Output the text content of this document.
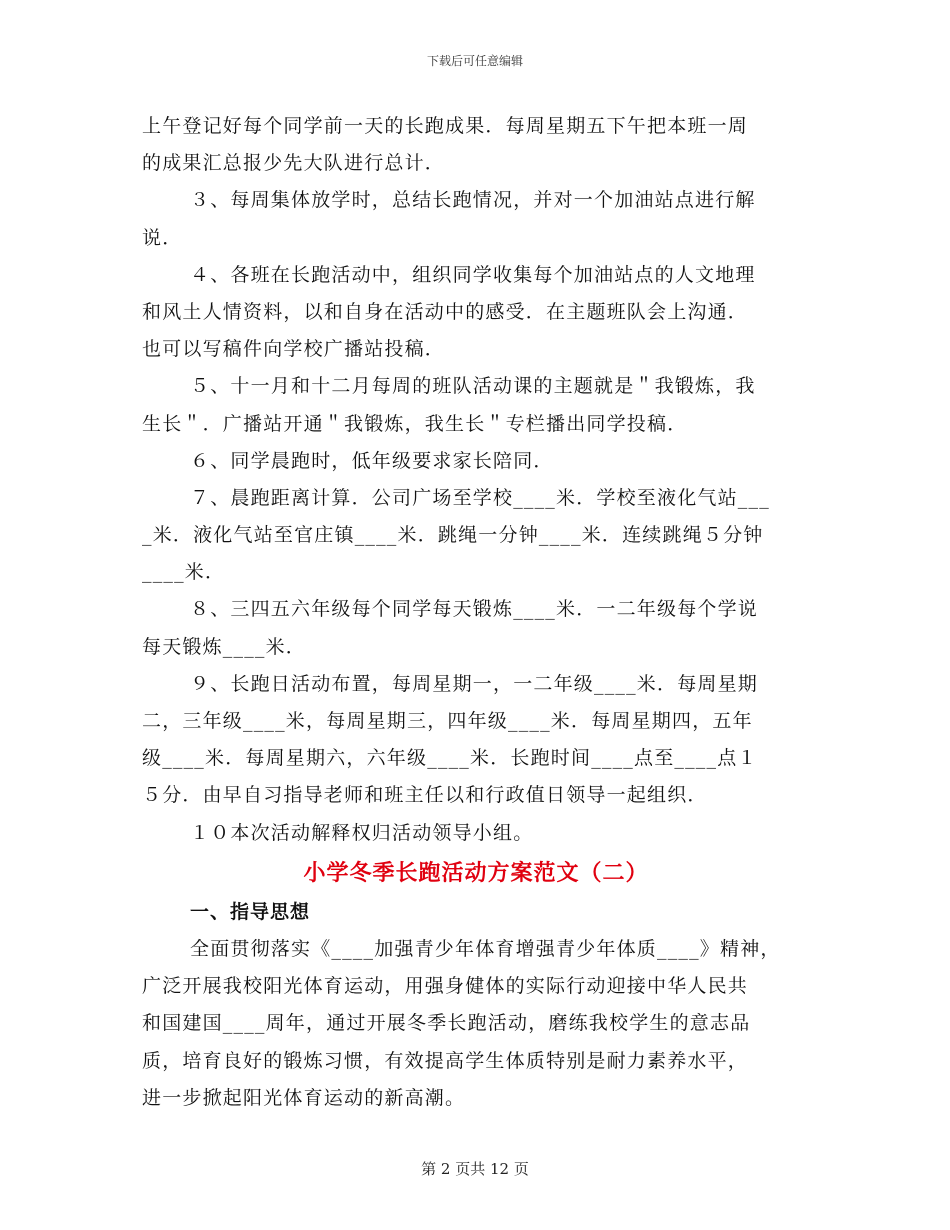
下载后可任意编辑
上午登记好每个同学前一天的长跑成果．每周星期五下午把本班一周
的成果汇总报少先大队进行总计．
３、每周集体放学时，总结长跑情况，并对一个加油站点进行解
说．
４、各班在长跑活动中，组织同学收集每个加油站点的人文地理
和风土人情资料，以和自身在活动中的感受．在主题班队会上沟通．
也可以写稿件向学校广播站投稿．
５、十一月和十二月每周的班队活动课的主题就是＂我锻炼，我
生长＂．广播站开通＂我锻炼，我生长＂专栏播出同学投稿．
６、同学晨跑时，低年级要求家长陪同．
７、晨跑距离计算．公司广场至学校____米．学校至液化气站___
_米．液化气站至官庄镇____米．跳绳一分钟____米．连续跳绳５分钟
____米．
８、三四五六年级每个同学每天锻炼____米．一二年级每个学说
每天锻炼____米．
９、长跑日活动布置，每周星期一，一二年级____米．每周星期
二，三年级____米，每周星期三，四年级____米．每周星期四，五年
级____米．每周星期六，六年级____米．长跑时间____点至____点１
５分．由早自习指导老师和班主任以和行政值日领导一起组织．
１０本次活动解释权归活动领导小组。
小学冬季长跑活动方案范文（二）
一、指导思想
全面贯彻落实《____加强青少年体育增强青少年体质____》精神，
广泛开展我校阳光体育运动，用强身健体的实际行动迎接中华人民共
和国建国____周年，通过开展冬季长跑活动，磨练我校学生的意志品
质，培育良好的锻炼习惯，有效提高学生体质特别是耐力素养水平，
进一步掀起阳光体育运动的新高潮。
第 2 页共 12 页
